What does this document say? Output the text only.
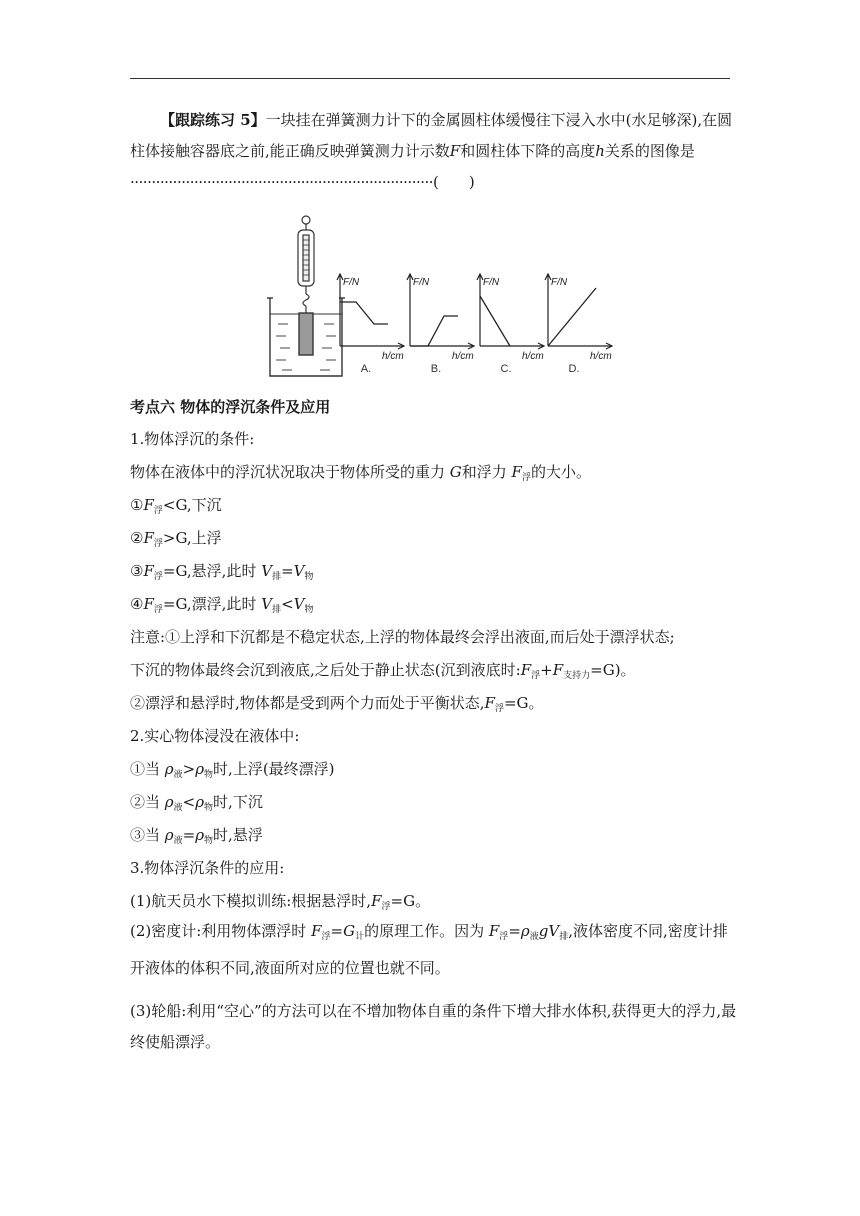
【跟踪练习 5】一块挂在弹簧测力计下的金属圆柱体缓慢往下浸入水中(水足够深),在圆柱体接触容器底之前,能正确反映弹簧测力计示数F和圆柱体下降的高度h关系的图像是·······································································(　　)
F/N
h/cm
A.
F/N
h/cm
B.
F/N
h/cm
C.
F/N
h/cm
D.
考点六 物体的浮沉条件及应用
1.物体浮沉的条件:
物体在液体中的浮沉状况取决于物体所受的重力 G和浮力 $F_浮$的大小。
$①F_浮<G$,下沉
$②F_浮>G$,上浮
$③F_浮=G$,悬浮,此时 $V_排=V_物$
$④F_浮=G$,漂浮,此时 $V_排<V_物$
注意:①上浮和下沉都是不稳定状态,上浮的物体最终会浮出液面,而后处于漂浮状态;
下沉的物体最终会沉到液底,之后处于静止状态(沉到液底时$:F_浮+F_{支持力}=G$)。
②漂浮和悬浮时,物体都是受到两个力而处于平衡状态$,F_浮=G$。
2.实心物体浸没在液体中:
①当 $\rho_液>\rho_物$时,上浮(最终漂浮)
②当 $\rho_液<\rho_物$时,下沉
③当 $\rho_液=\rho_物$时,悬浮
3.物体浮沉条件的应用:
(1)航天员水下模拟训练:根据悬浮时$,F_浮=G$。
(2)密度计:利用物体漂浮时 $F_浮=G_计$的原理工作。因为 $F_浮=\rho_液gV_排$,液体密度不同,密度计排开液体的体积不同,液面所对应的位置也就不同。
(3)轮船:利用“空心”的方法可以在不增加物体自重的条件下增大排水体积,获得更大的浮力,最终使船漂浮。
